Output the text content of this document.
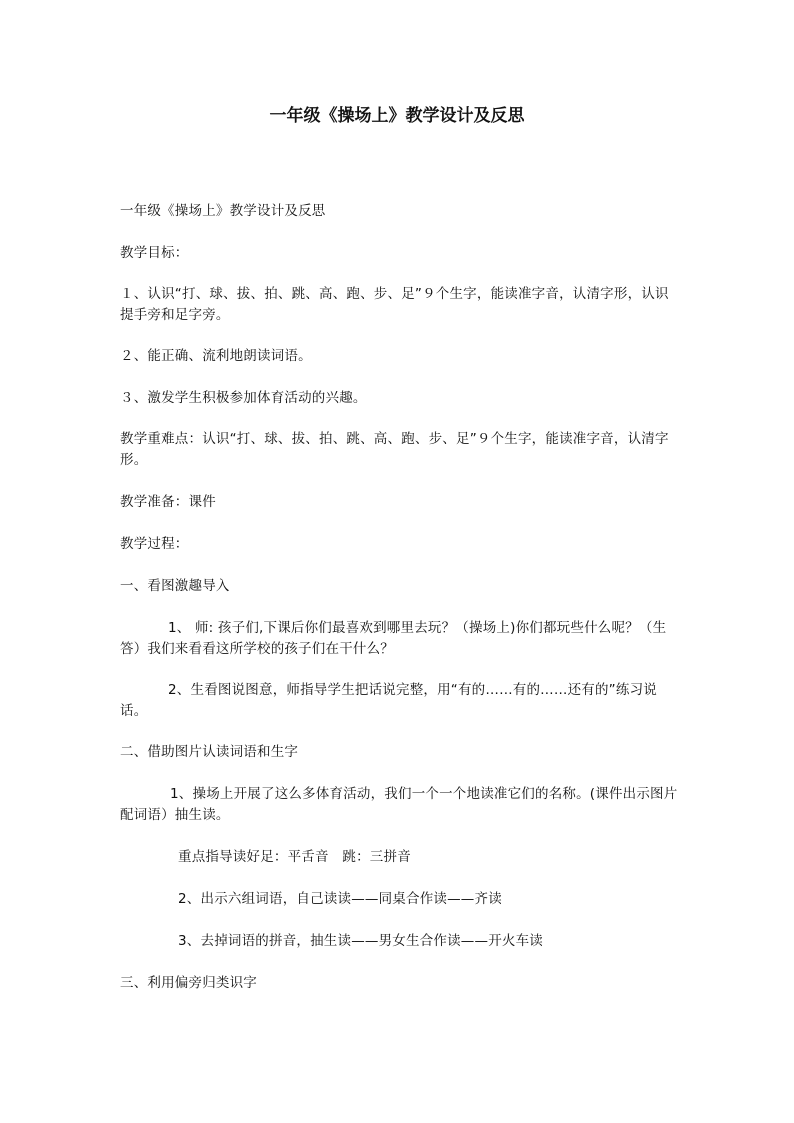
一年级《操场上》教学设计及反思

一年级《操场上》教学设计及反思

教学目标：

１、认识“打、球、拔、拍、跳、高、跑、步、足”９个生字，能读准字音，认清字形，认识提手旁和足字旁。

２、能正确、流利地朗读词语。

３、激发学生积极参加体育活动的兴趣。

教学重难点：认识“打、球、拔、拍、跳、高、跑、步、足”９个生字，能读准字音，认清字形。

教学准备：课件

教学过程：

一、看图激趣导入

1、 师: 孩子们,下课后你们最喜欢到哪里去玩？（操场上)你们都玩些什么呢？（生答）我们来看看这所学校的孩子们在干什么？

2、生看图说图意，师指导学生把话说完整，用“有的……有的……还有的”练习说话。

二、借助图片认读词语和生字

1、操场上开展了这么多体育活动，我们一个一个地读准它们的名称。(课件出示图片配词语）抽生读。

重点指导读好足：平舌音　跳：三拼音

2、出示六组词语，自己读读——同桌合作读——齐读

3、去掉词语的拼音，抽生读——男女生合作读——开火车读

三、利用偏旁归类识字
